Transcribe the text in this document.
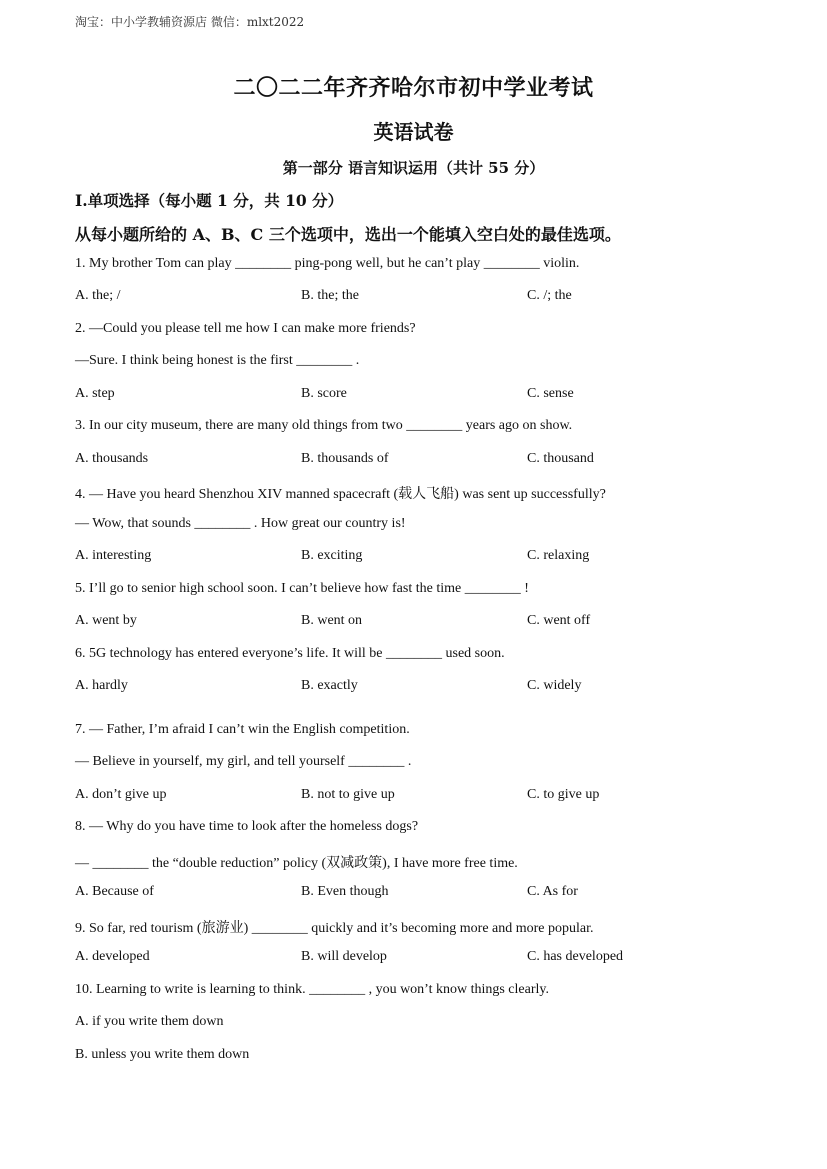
淘宝：中小学教辅资源店 微信：mlxt2022
二〇二二年齐齐哈尔市初中学业考试
英语试卷
第一部分 语言知识运用（共计 55 分）
Ⅰ.单项选择（每小题 1 分，共 10 分）
从每小题所给的 A、B、C 三个选项中，选出一个能填入空白处的最佳选项。
1. My brother Tom can play ________ ping-pong well, but he can’t play ________ violin.
A. the; /	B. the; the	C. /; the
2. —Could you please tell me how I can make more friends?
—Sure. I think being honest is the first ________ .
A. step	B. score	C. sense
3. In our city museum, there are many old things from two ________ years ago on show.
A. thousands	B. thousands of	C. thousand
4. — Have you heard Shenzhou XIV manned spacecraft (载人飞船) was sent up successfully?
— Wow, that sounds ________ . How great our country is!
A. interesting	B. exciting	C. relaxing
5. I’ll go to senior high school soon. I can’t believe how fast the time ________ !
A. went by	B. went on	C. went off
6. 5G technology has entered everyone’s life. It will be ________ used soon.
A. hardly	B. exactly	C. widely
7. — Father, I’m afraid I can’t win the English competition.
— Believe in yourself, my girl, and tell yourself ________ .
A. don’t give up	B. not to give up	C. to give up
8. — Why do you have time to look after the homeless dogs?
— ________ the “double reduction” policy (双减政策), I have more free time.
A. Because of	B. Even though	C. As for
9. So far, red tourism (旅游业) ________ quickly and it’s becoming more and more popular.
A. developed	B. will develop	C. has developed
10. Learning to write is learning to think. ________ , you won’t know things clearly.
A. if you write them down
B. unless you write them down
